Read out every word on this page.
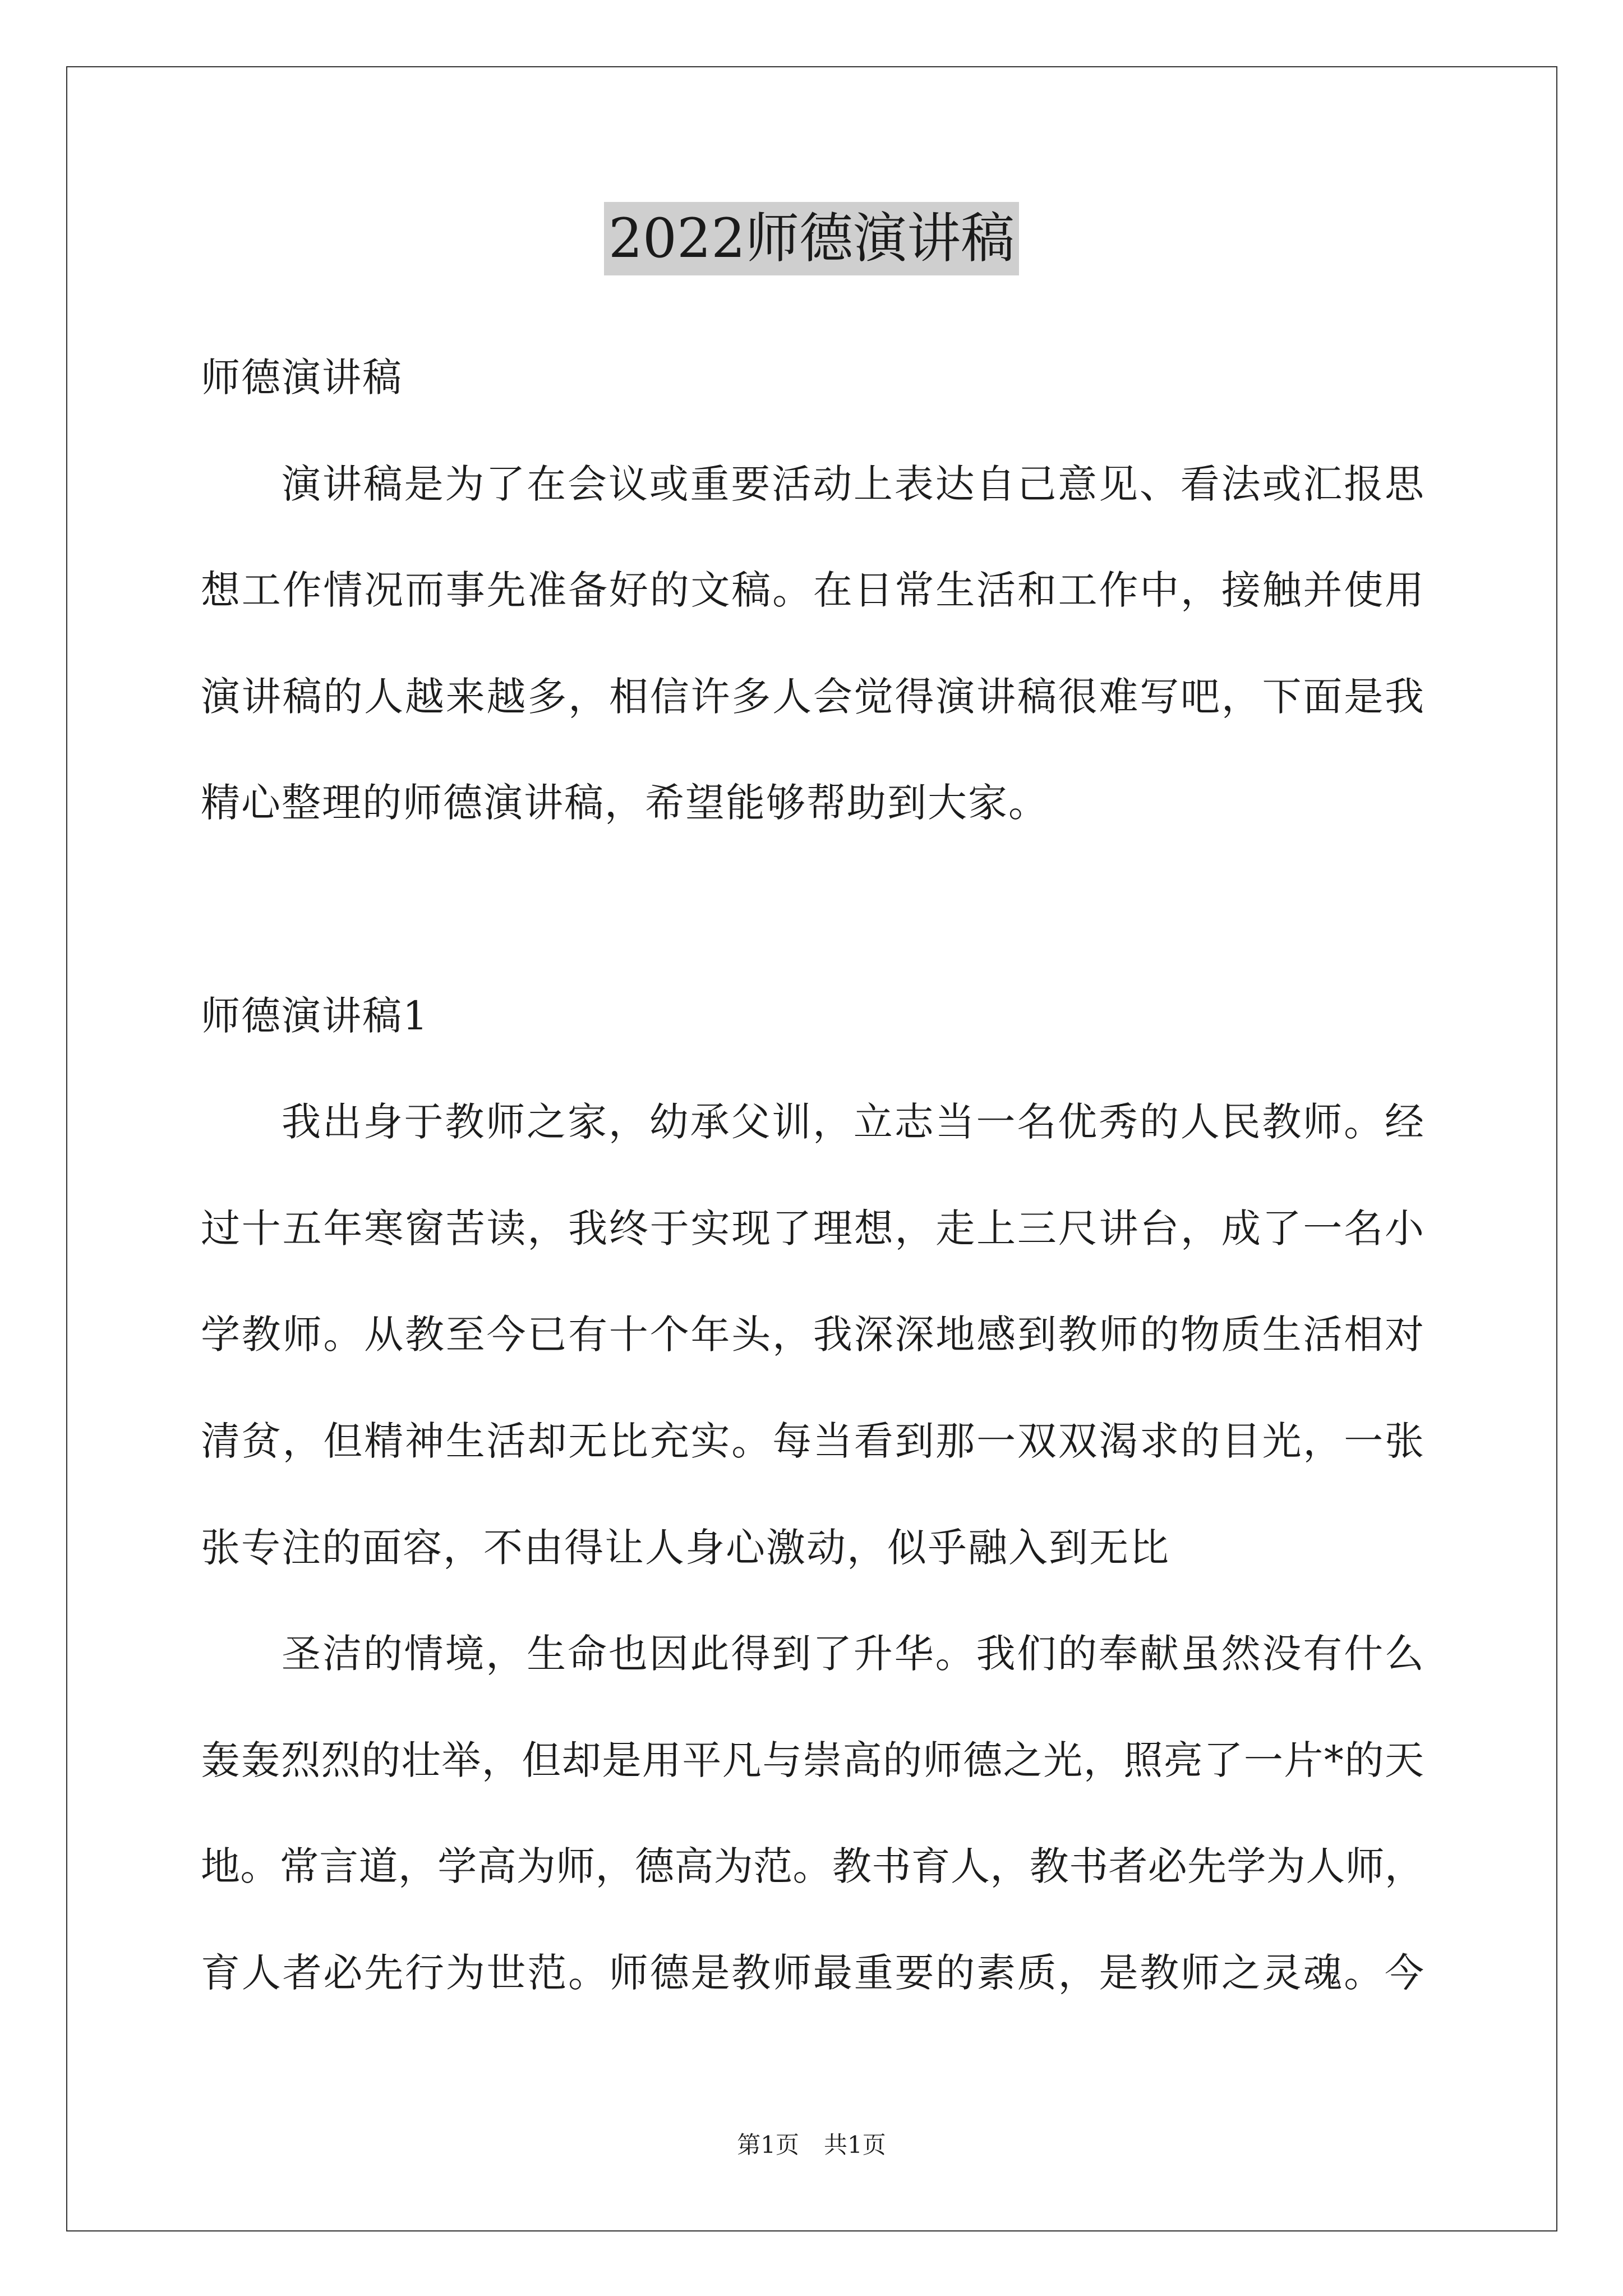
2022师德演讲稿
师德演讲稿
演讲稿是为了在会议或重要活动上表达自己意见、看法或汇报思
想工作情况而事先准备好的文稿。在日常生活和工作中，接触并使用
演讲稿的人越来越多，相信许多人会觉得演讲稿很难写吧，下面是我
精心整理的师德演讲稿，希望能够帮助到大家。
师德演讲稿1
我出身于教师之家，幼承父训，立志当一名优秀的人民教师。经
过十五年寒窗苦读，我终于实现了理想，走上三尺讲台，成了一名小
学教师。从教至今已有十个年头，我深深地感到教师的物质生活相对
清贫，但精神生活却无比充实。每当看到那一双双渴求的目光，一张
张专注的面容，不由得让人身心激动，似乎融入到无比
圣洁的情境，生命也因此得到了升华。我们的奉献虽然没有什么
轰轰烈烈的壮举，但却是用平凡与崇高的师德之光，照亮了一片*的天
地。常言道，学高为师，德高为范。教书育人，教书者必先学为人师，
育人者必先行为世范。师德是教师最重要的素质，是教师之灵魂。今
第1页 共1页
